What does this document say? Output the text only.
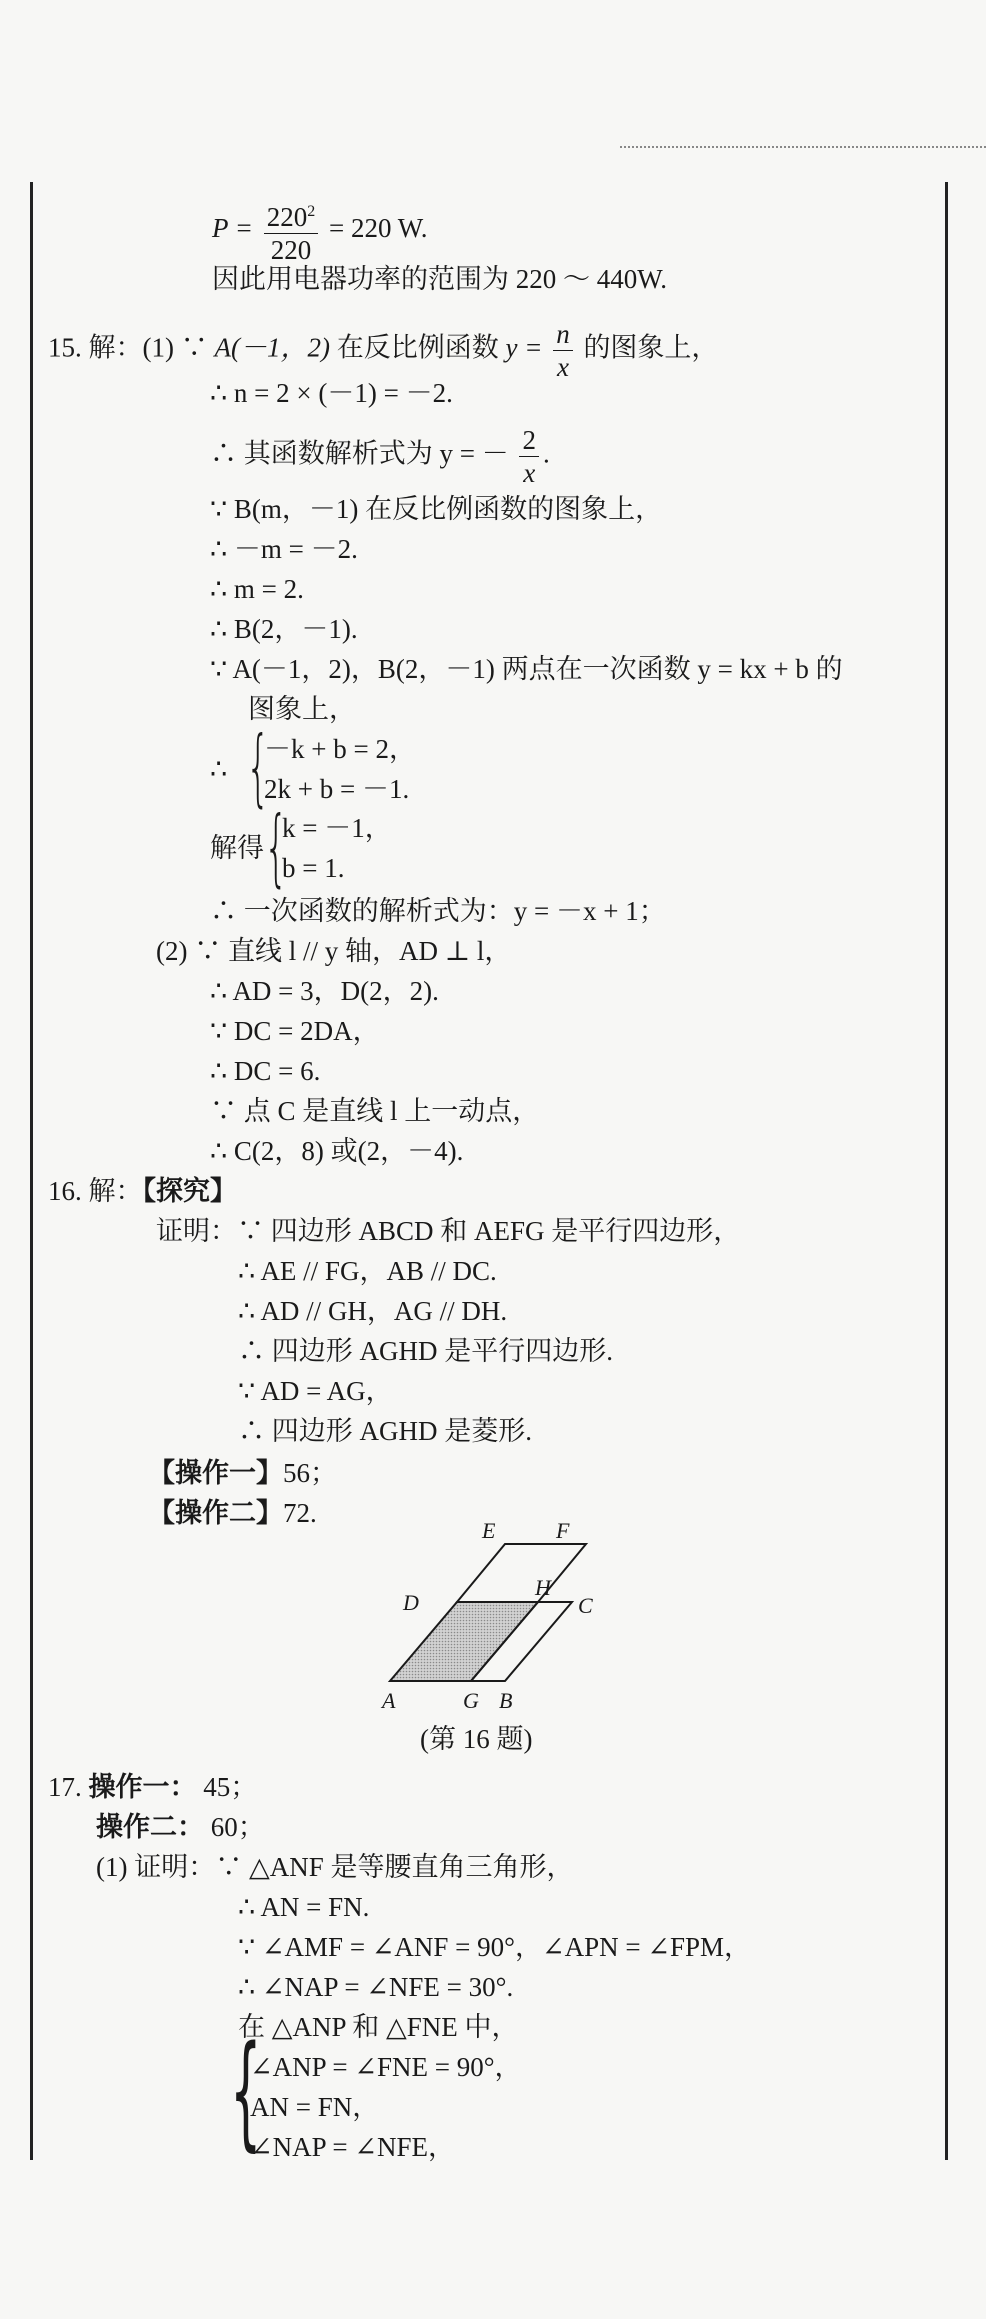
$P = \frac{220^2}{220} = 220$ W.
因此用电器功率的范围为 220 ～ 440W.
15. 解：(1) ∵ A(－1，2) 在反比例函数 $y = \frac{n}{x}$ 的图象上，
∴ n = 2 × (－1) = －2.
∴ 其函数解析式为 y = － $\frac{2}{x}$ .
∵ B(m，－1) 在反比例函数的图象上，
∴ －m = －2.
∴ m = 2.
∴ B(2，－1).
∵ A(－1，2)，B(2，－1) 两点在一次函数 y = kx + b 的
图象上，
∴ {
－k + b = 2，
2k + b = －1.
解得 {
k = －1，
b = 1.
∴ 一次函数的解析式为：y = －x + 1；
(2) ∵ 直线 l // y 轴，AD ⊥ l，
∴ AD = 3，D(2，2).
∵ DC = 2DA，
∴ DC = 6.
∵ 点 C 是直线 l 上一动点，
∴ C(2，8) 或(2，－4).
16. 解：【探究】
证明：∵ 四边形 ABCD 和 AEFG 是平行四边形，
∴ AE // FG，AB // DC.
∴ AD // GH，AG // DH.
∴ 四边形 AGHD 是平行四边形.
∵ AD = AG，
∴ 四边形 AGHD 是菱形.
【操作一】56；
【操作二】72.
E	F
D
H
C
A	G B
(第 16 题)
17. 操作一： 45；
操作二： 60；
(1) 证明：∵ △ANF 是等腰直角三角形，
∴ AN = FN.
∵ ∠AMF = ∠ANF = 90°，∠APN = ∠FPM，
∴ ∠NAP = ∠NFE = 30°.
在 △ANP 和 △FNE 中，
{
∠ANP = ∠FNE = 90°，
AN = FN，
∠NAP = ∠NFE，
